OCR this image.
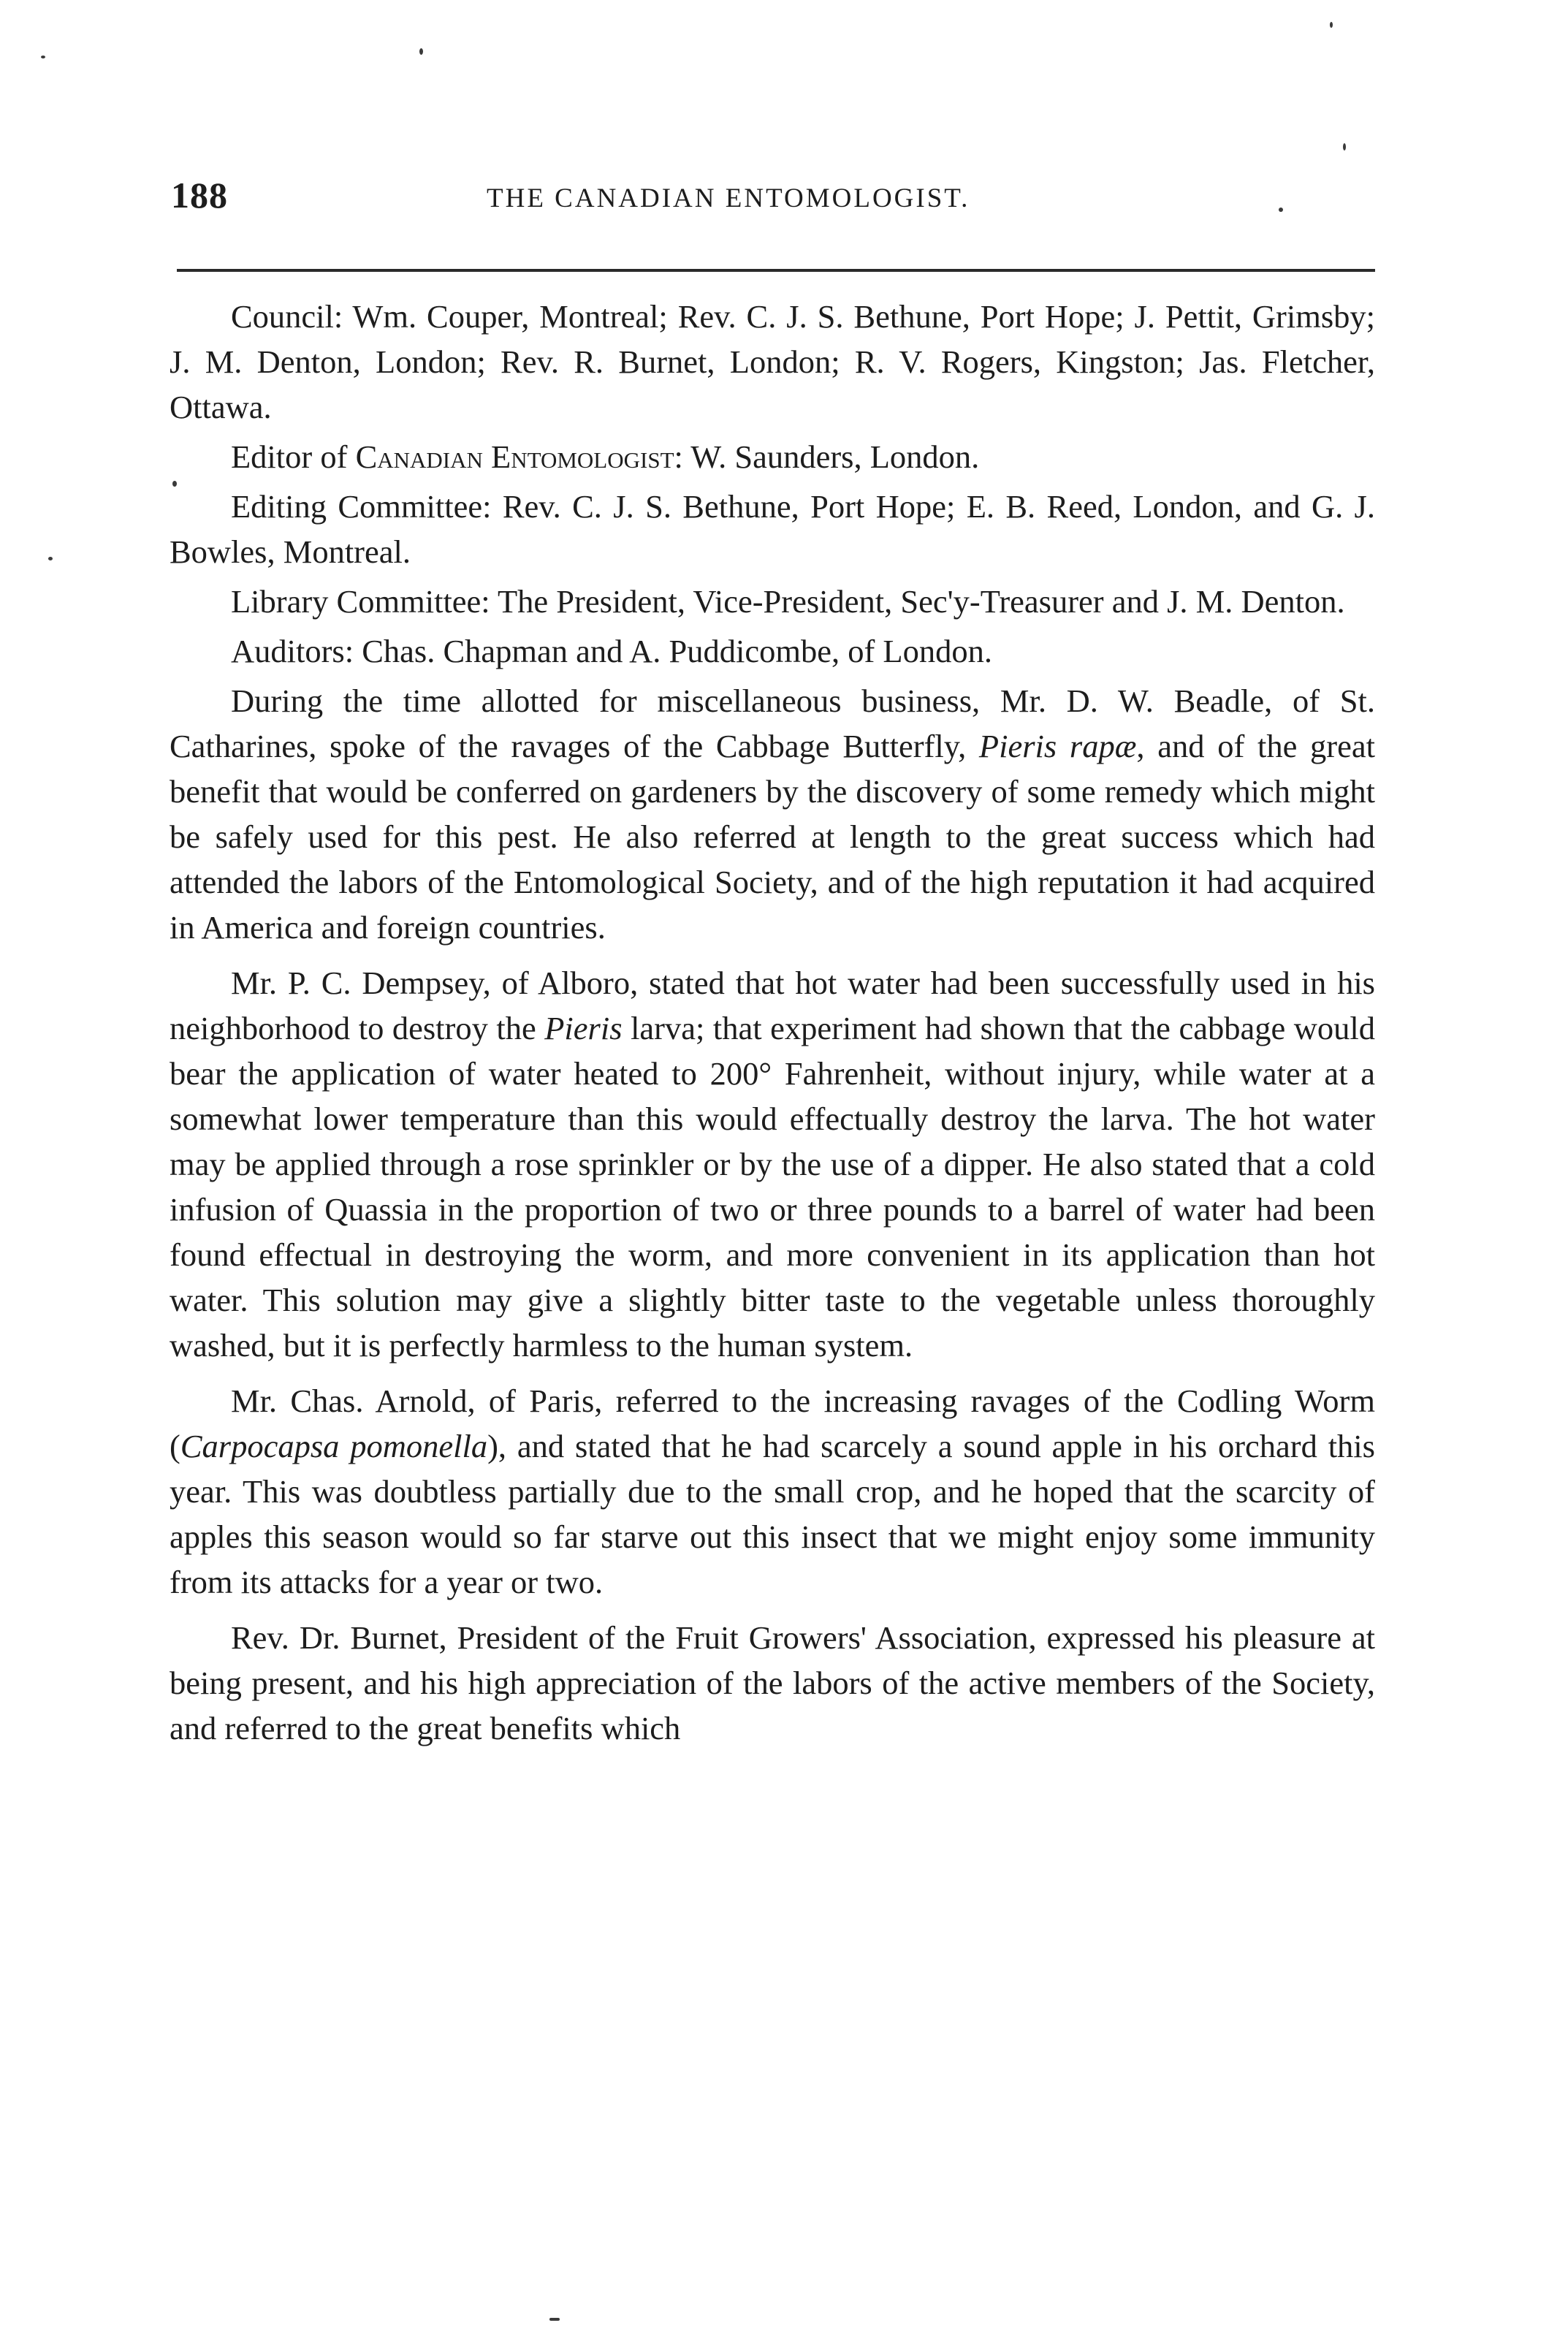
188	THE CANADIAN ENTOMOLOGIST.

Council: Wm. Couper, Montreal; Rev. C. J. S. Bethune, Port Hope; J. Pettit, Grimsby; J. M. Denton, London; Rev. R. Burnet, London; R. V. Rogers, Kingston; Jas. Fletcher, Ottawa.

Editor of Canadian Entomologist: W. Saunders, London.

Editing Committee: Rev. C. J. S. Bethune, Port Hope; E. B. Reed, London, and G. J. Bowles, Montreal.

Library Committee: The President, Vice-President, Sec'y-Treasurer and J. M. Denton.

Auditors: Chas. Chapman and A. Puddicombe, of London.

During the time allotted for miscellaneous business, Mr. D. W. Beadle, of St. Catharines, spoke of the ravages of the Cabbage Butterfly, Pieris rapæ, and of the great benefit that would be conferred on gardeners by the discovery of some remedy which might be safely used for this pest. He also referred at length to the great success which had attended the labors of the Entomological Society, and of the high reputation it had acquired in America and foreign countries.

Mr. P. C. Dempsey, of Alboro, stated that hot water had been successfully used in his neighborhood to destroy the Pieris larva; that experiment had shown that the cabbage would bear the application of water heated to 200° Fahrenheit, without injury, while water at a somewhat lower temperature than this would effectually destroy the larva. The hot water may be applied through a rose sprinkler or by the use of a dipper. He also stated that a cold infusion of Quassia in the proportion of two or three pounds to a barrel of water had been found effectual in destroying the worm, and more convenient in its application than hot water. This solution may give a slightly bitter taste to the vegetable unless thoroughly washed, but it is perfectly harmless to the human system.

Mr. Chas. Arnold, of Paris, referred to the increasing ravages of the Codling Worm (Carpocapsa pomonella), and stated that he had scarcely a sound apple in his orchard this year. This was doubtless partially due to the small crop, and he hoped that the scarcity of apples this season would so far starve out this insect that we might enjoy some immunity from its attacks for a year or two.

Rev. Dr. Burnet, President of the Fruit Growers' Association, expressed his pleasure at being present, and his high appreciation of the labors of the active members of the Society, and referred to the great benefits which
